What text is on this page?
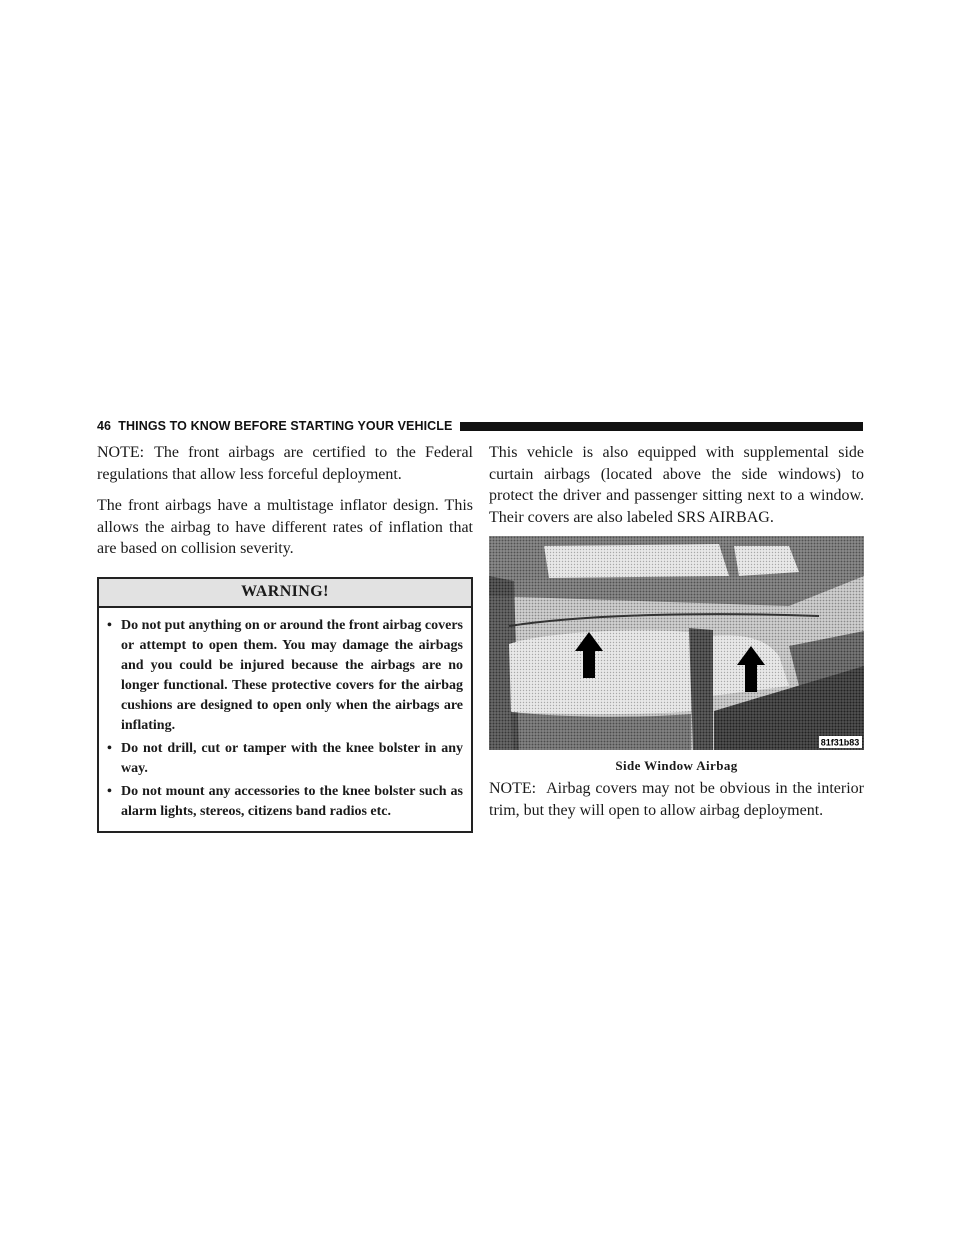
46 THINGS TO KNOW BEFORE STARTING YOUR VEHICLE

NOTE: The front airbags are certified to the Federal regulations that allow less forceful deployment.

The front airbags have a multistage inflator design. This allows the airbag to have different rates of inflation that are based on collision severity.

WARNING!
• Do not put anything on or around the front airbag covers or attempt to open them. You may damage the airbags and you could be injured because the airbags are no longer functional. These protective covers for the airbag cushions are designed to open only when the airbags are inflating.
• Do not drill, cut or tamper with the knee bolster in any way.
• Do not mount any accessories to the knee bolster such as alarm lights, stereos, citizens band radios etc.

This vehicle is also equipped with supplemental side curtain airbags (located above the side windows) to protect the driver and passenger sitting next to a window. Their covers are also labeled SRS AIRBAG.

81f31b83
Side Window Airbag

NOTE: Airbag covers may not be obvious in the interior trim, but they will open to allow airbag deployment.
